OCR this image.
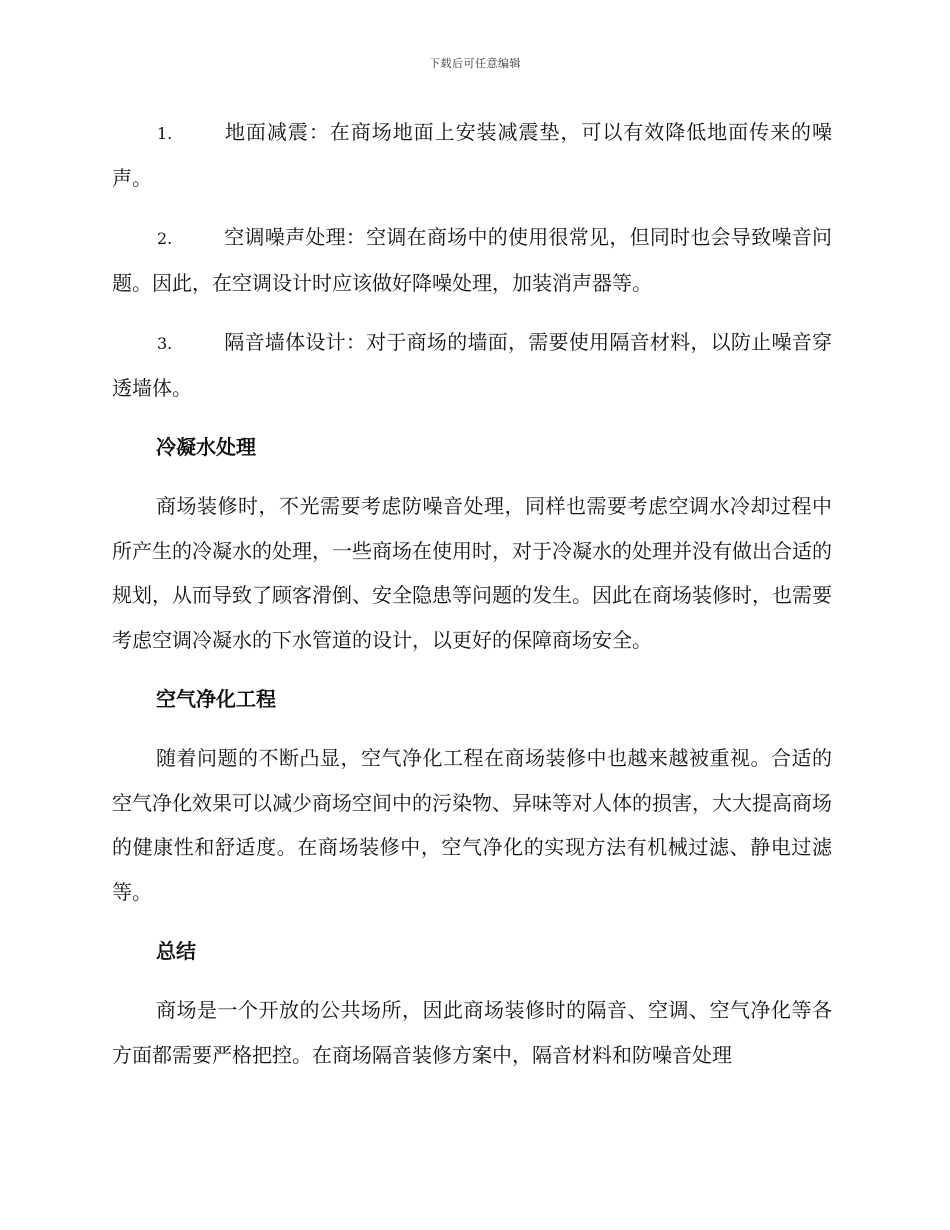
下载后可任意编辑
1.	地面减震：在商场地面上安装减震垫，可以有效降低地面传来的噪声。
2.	空调噪声处理：空调在商场中的使用很常见，但同时也会导致噪音问题。因此，在空调设计时应该做好降噪处理，加装消声器等。
3.	隔音墙体设计：对于商场的墙面，需要使用隔音材料，以防止噪音穿透墙体。
冷凝水处理
商场装修时，不光需要考虑防噪音处理，同样也需要考虑空调水冷却过程中所产生的冷凝水的处理，一些商场在使用时，对于冷凝水的处理并没有做出合适的规划，从而导致了顾客滑倒、安全隐患等问题的发生。因此在商场装修时，也需要考虑空调冷凝水的下水管道的设计，以更好的保障商场安全。
空气净化工程
随着问题的不断凸显，空气净化工程在商场装修中也越来越被重视。合适的空气净化效果可以减少商场空间中的污染物、异味等对人体的损害，大大提高商场的健康性和舒适度。在商场装修中，空气净化的实现方法有机械过滤、静电过滤等。
总结
商场是一个开放的公共场所，因此商场装修时的隔音、空调、空气净化等各方面都需要严格把控。在商场隔音装修方案中，隔音材料和防噪音处理
